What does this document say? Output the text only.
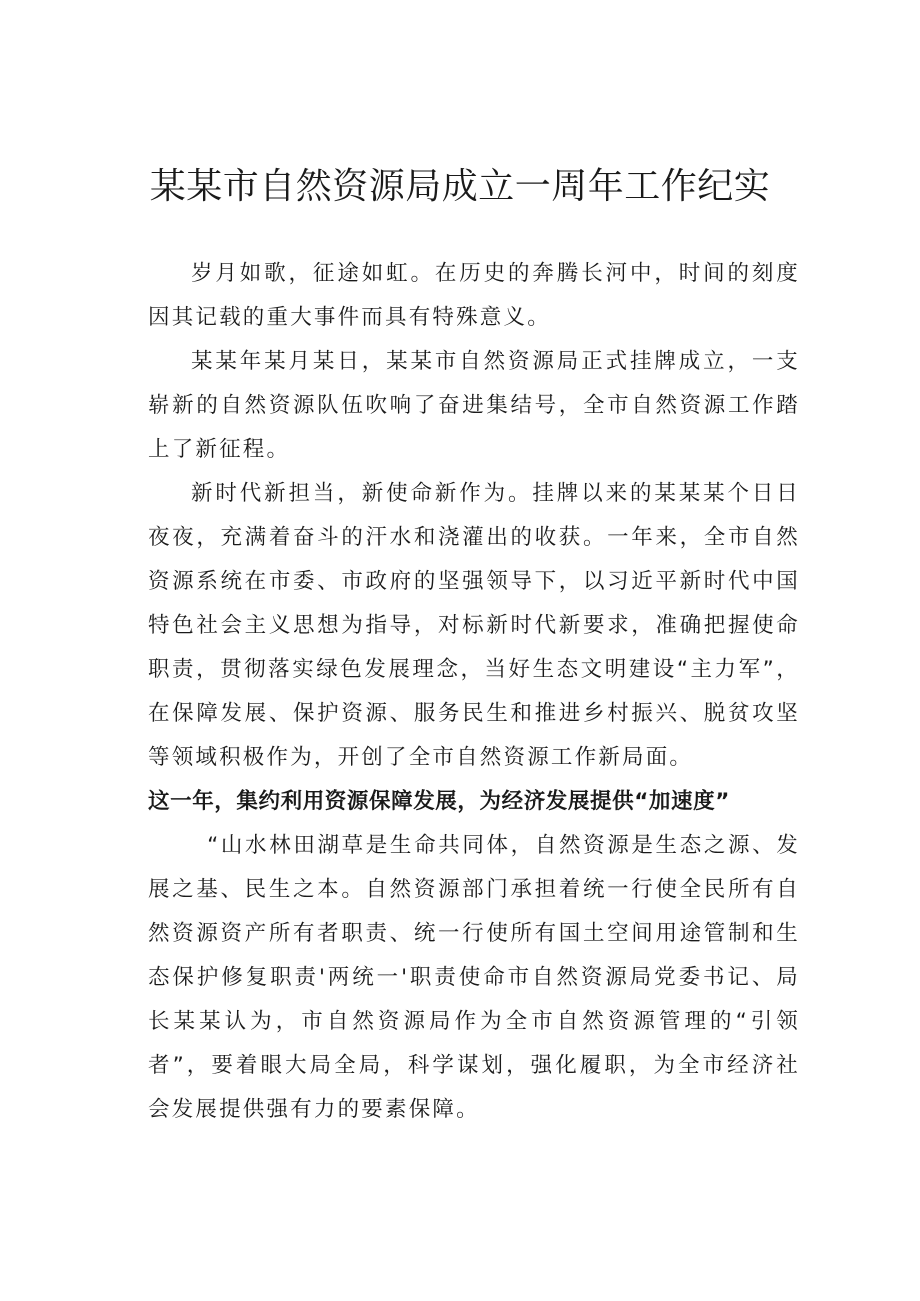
某某市自然资源局成立一周年工作纪实

岁月如歌，征途如虹。在历史的奔腾长河中，时间的刻度因其记载的重大事件而具有特殊意义。

某某年某月某日，某某市自然资源局正式挂牌成立，一支崭新的自然资源队伍吹响了奋进集结号，全市自然资源工作踏上了新征程。

新时代新担当，新使命新作为。挂牌以来的某某某个日日夜夜，充满着奋斗的汗水和浇灌出的收获。一年来，全市自然资源系统在市委、市政府的坚强领导下，以习近平新时代中国特色社会主义思想为指导，对标新时代新要求，准确把握使命职责，贯彻落实绿色发展理念，当好生态文明建设“主力军”，在保障发展、保护资源、服务民生和推进乡村振兴、脱贫攻坚等领域积极作为，开创了全市自然资源工作新局面。

这一年，集约利用资源保障发展，为经济发展提供“加速度”

“山水林田湖草是生命共同体，自然资源是生态之源、发展之基、民生之本。自然资源部门承担着统一行使全民所有自然资源资产所有者职责、统一行使所有国土空间用途管制和生态保护修复职责'两统一'职责使命市自然资源局党委书记、局长某某认为，市自然资源局作为全市自然资源管理的“引领者”，要着眼大局全局，科学谋划，强化履职，为全市经济社会发展提供强有力的要素保障。
